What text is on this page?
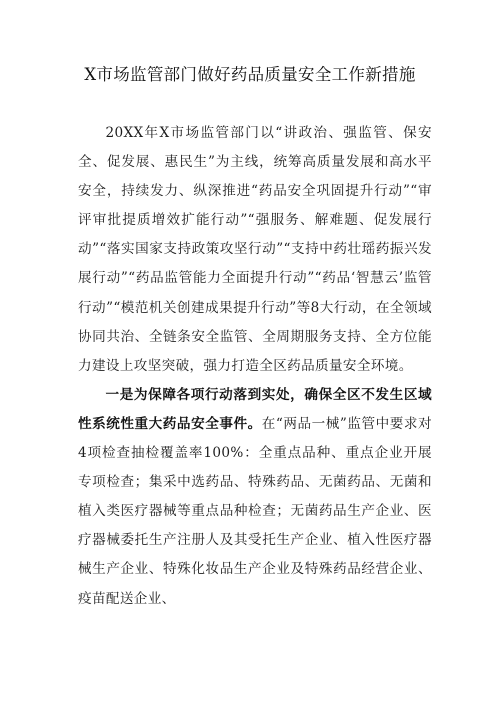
X市场监管部门做好药品质量安全工作新措施

20XX年X市场监管部门以“讲政治、强监管、保安全、促发展、惠民生”为主线，统筹高质量发展和高水平安全，持续发力、纵深推进“药品安全巩固提升行动”“审评审批提质增效扩能行动”“强服务、解难题、促发展行动”“落实国家支持政策攻坚行动”“支持中药壮瑶药振兴发展行动”“药品监管能力全面提升行动”“药品‘智慧云’监管行动”“模范机关创建成果提升行动”等8大行动，在全领域协同共治、全链条安全监管、全周期服务支持、全方位能力建设上攻坚突破，强力打造全区药品质量安全环境。

一是为保障各项行动落到实处，确保全区不发生区域性系统性重大药品安全事件。在“两品一械”监管中要求对4项检查抽检覆盖率100%：全重点品种、重点企业开展专项检查；集采中选药品、特殊药品、无菌药品、无菌和植入类医疗器械等重点品种检查；无菌药品生产企业、医疗器械委托生产注册人及其受托生产企业、植入性医疗器械生产企业、特殊化妆品生产企业及特殊药品经营企业、疫苗配送企业、
